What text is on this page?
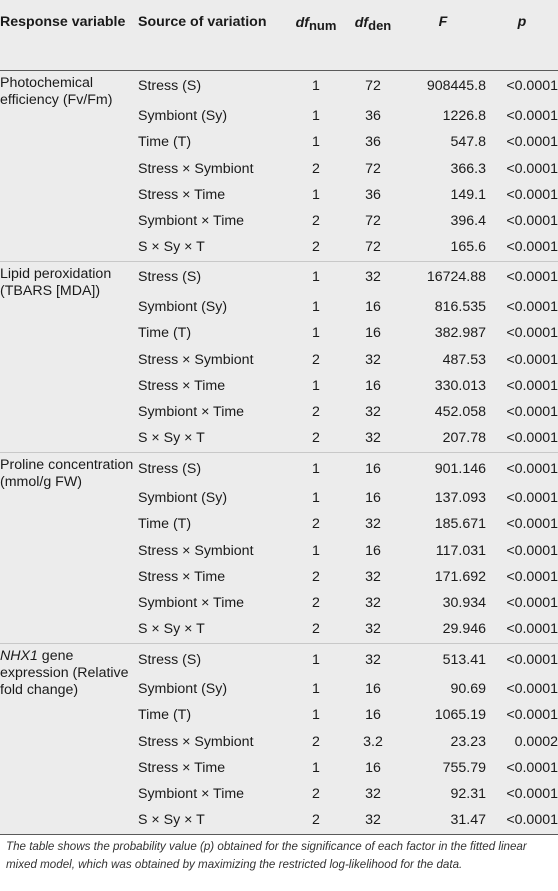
Response variable	Source of variation	dfnum	dfden	F	p
Photochemical efficiency (Fv/Fm)	Stress (S)	1	72	908445.8	<0.0001
	Symbiont (Sy)	1	36	1226.8	<0.0001
	Time (T)	1	36	547.8	<0.0001
	Stress × Symbiont	2	72	366.3	<0.0001
	Stress × Time	1	36	149.1	<0.0001
	Symbiont × Time	2	72	396.4	<0.0001
	S × Sy × T	2	72	165.6	<0.0001
Lipid peroxidation (TBARS [MDA])	Stress (S)	1	32	16724.88	<0.0001
	Symbiont (Sy)	1	16	816.535	<0.0001
	Time (T)	1	16	382.987	<0.0001
	Stress × Symbiont	2	32	487.53	<0.0001
	Stress × Time	1	16	330.013	<0.0001
	Symbiont × Time	2	32	452.058	<0.0001
	S × Sy × T	2	32	207.78	<0.0001
Proline concentration (mmol/g FW)	Stress (S)	1	16	901.146	<0.0001
	Symbiont (Sy)	1	16	137.093	<0.0001
	Time (T)	2	32	185.671	<0.0001
	Stress × Symbiont	1	16	117.031	<0.0001
	Stress × Time	2	32	171.692	<0.0001
	Symbiont × Time	2	32	30.934	<0.0001
	S × Sy × T	2	32	29.946	<0.0001
NHX1 gene expression (Relative fold change)	Stress (S)	1	32	513.41	<0.0001
	Symbiont (Sy)	1	16	90.69	<0.0001
	Time (T)	1	16	1065.19	<0.0001
	Stress × Symbiont	2	3.2	23.23	0.0002
	Stress × Time	1	16	755.79	<0.0001
	Symbiont × Time	2	32	92.31	<0.0001
	S × Sy × T	2	32	31.47	<0.0001

The table shows the probability value (p) obtained for the significance of each factor in the fitted linear mixed model, which was obtained by maximizing the restricted log-likelihood for the data.
